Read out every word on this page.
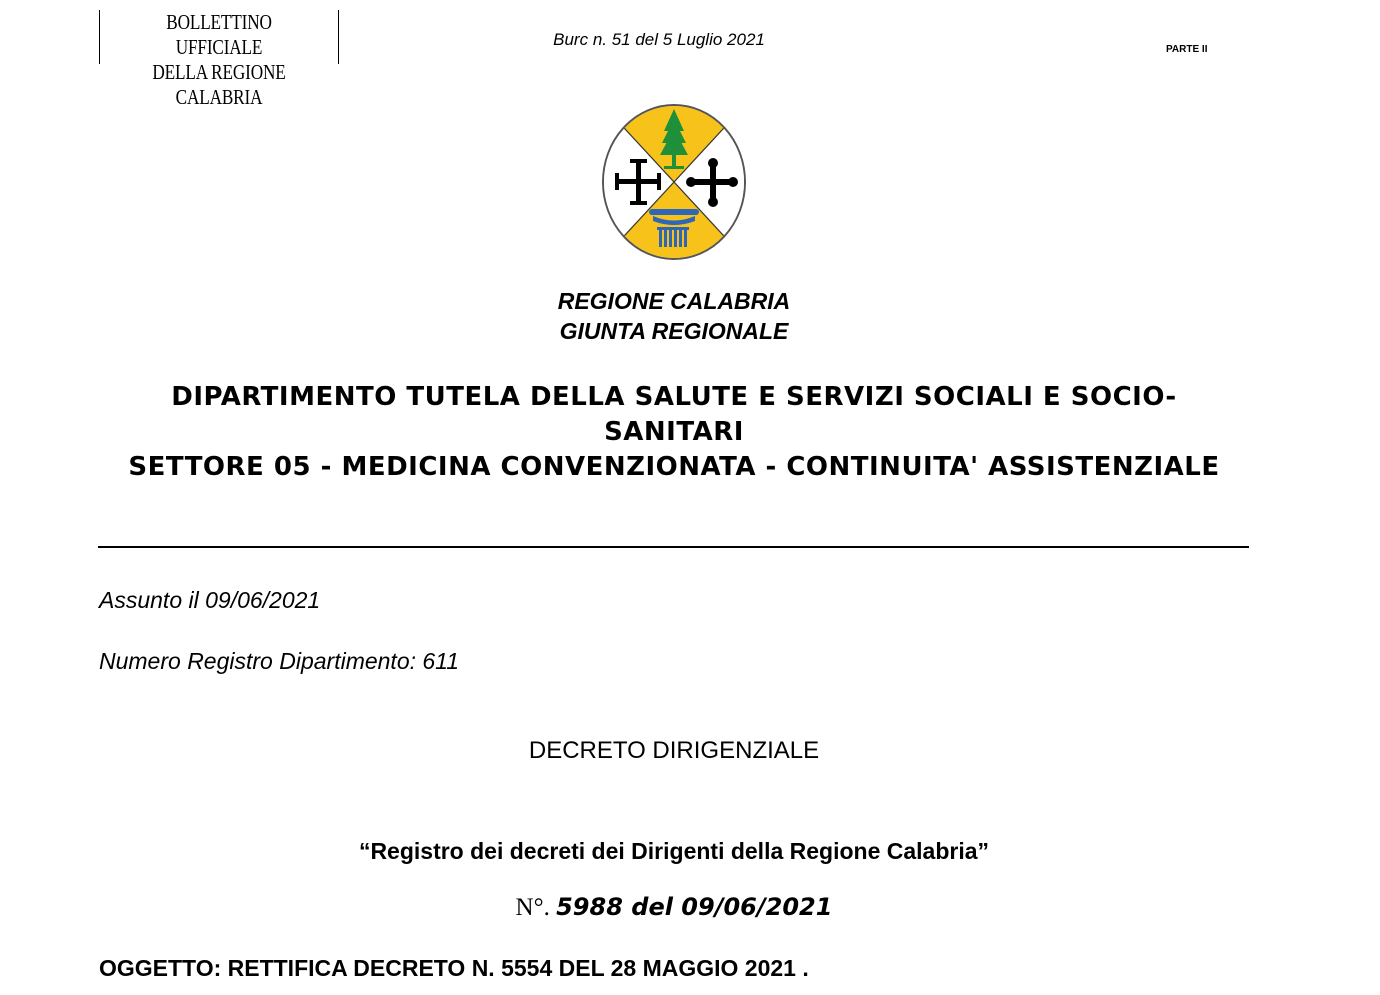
BOLLETTINO UFFICIALE
DELLA REGIONE CALABRIA
Burc n. 51 del 5 Luglio 2021
PARTE II
REGIONE CALABRIA
GIUNTA REGIONALE
DIPARTIMENTO TUTELA DELLA SALUTE E SERVIZI SOCIALI E SOCIO-
SANITARI
SETTORE 05 - MEDICINA CONVENZIONATA - CONTINUITA' ASSISTENZIALE
Assunto il 09/06/2021
Numero Registro Dipartimento: 611
DECRETO DIRIGENZIALE
“Registro dei decreti dei Dirigenti della Regione Calabria”
N°. 5988 del 09/06/2021
OGGETTO: RETTIFICA DECRETO N. 5554 DEL 28 MAGGIO 2021 .
